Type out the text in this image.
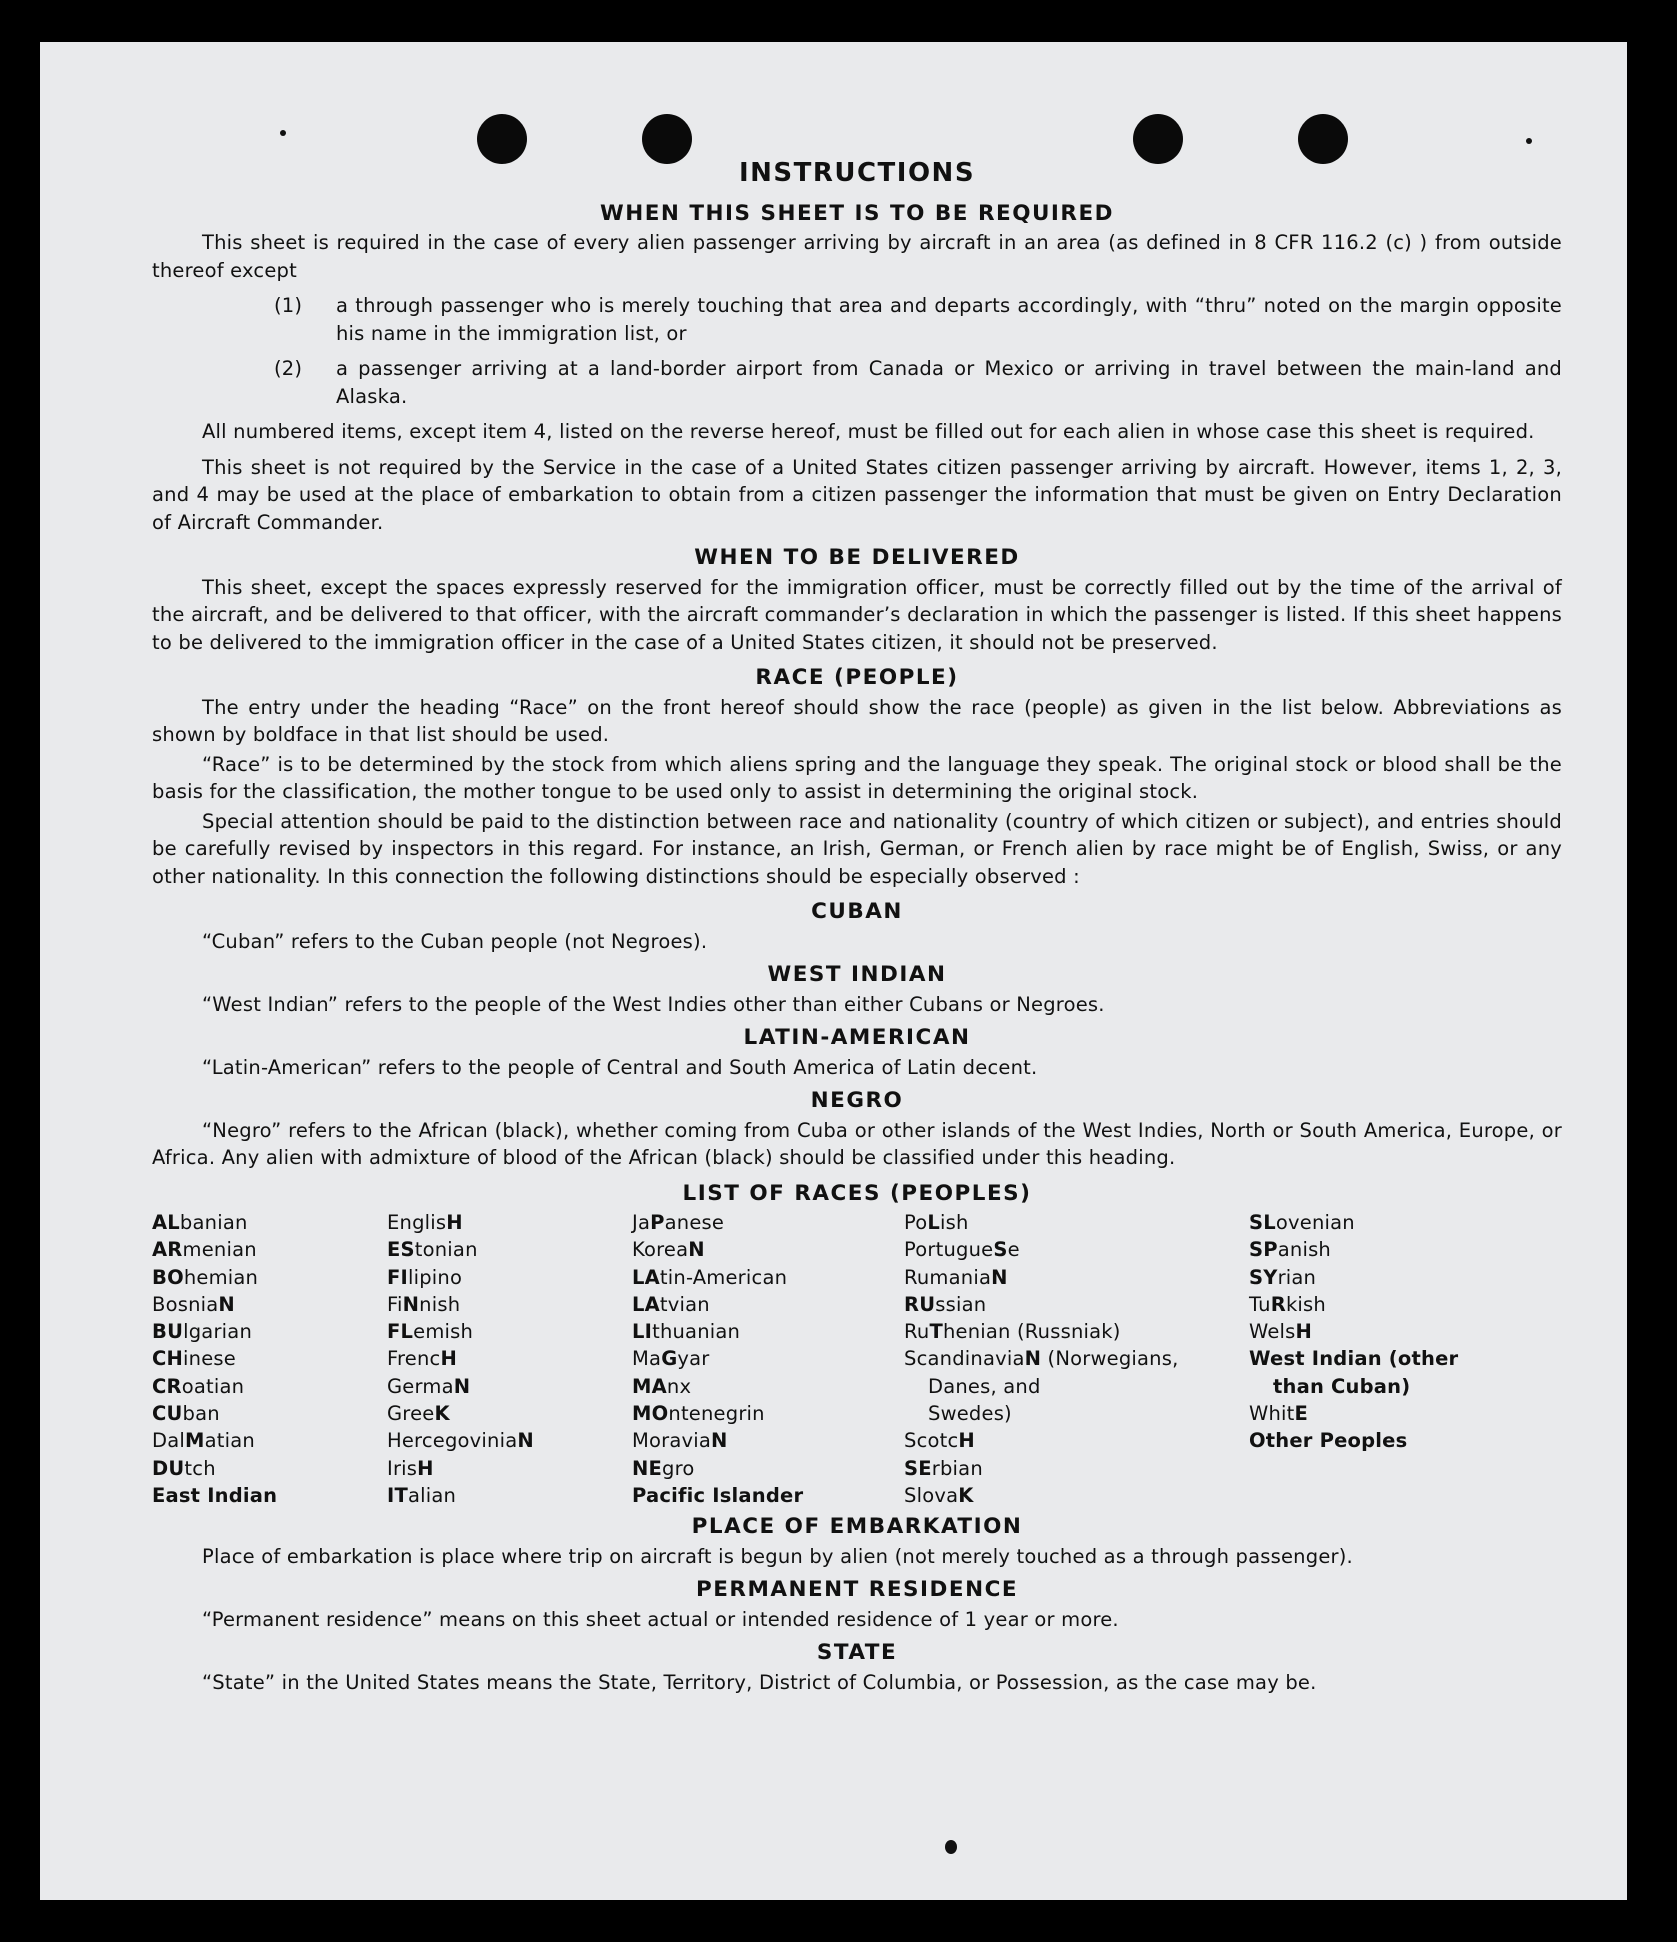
INSTRUCTIONS
WHEN THIS SHEET IS TO BE REQUIRED

This sheet is required in the case of every alien passenger arriving by aircraft in an area (as defined in 8 CFR 116.2 (c) ) from outside thereof except

(1)	a through passenger who is merely touching that area and departs accordingly, with “thru” noted on the margin opposite his name in the immigration list, or
(2)	a passenger arriving at a land-border airport from Canada or Mexico or arriving in travel between the main-land and Alaska.

All numbered items, except item 4, listed on the reverse hereof, must be filled out for each alien in whose case this sheet is required.

This sheet is not required by the Service in the case of a United States citizen passenger arriving by aircraft. However, items 1, 2, 3, and 4 may be used at the place of embarkation to obtain from a citizen passenger the information that must be given on Entry Declaration of Aircraft Commander.

WHEN TO BE DELIVERED

This sheet, except the spaces expressly reserved for the immigration officer, must be correctly filled out by the time of the arrival of the aircraft, and be delivered to that officer, with the aircraft commander’s declaration in which the passenger is listed. If this sheet happens to be delivered to the immigration officer in the case of a United States citizen, it should not be preserved.

RACE (PEOPLE)

The entry under the heading “Race” on the front hereof should show the race (people) as given in the list below. Abbreviations as shown by boldface in that list should be used.

“Race” is to be determined by the stock from which aliens spring and the language they speak. The original stock or blood shall be the basis for the classification, the mother tongue to be used only to assist in determining the original stock.

Special attention should be paid to the distinction between race and nationality (country of which citizen or subject), and entries should be carefully revised by inspectors in this regard. For instance, an Irish, German, or French alien by race might be of English, Swiss, or any other nationality. In this connection the following distinctions should be especially observed :

CUBAN
“Cuban” refers to the Cuban people (not Negroes).
WEST INDIAN
“West Indian” refers to the people of the West Indies other than either Cubans or Negroes.
LATIN-AMERICAN
“Latin-American” refers to the people of Central and South America of Latin decent.
NEGRO

“Negro” refers to the African (black), whether coming from Cuba or other islands of the West Indies, North or South America, Europe, or Africa. Any alien with admixture of blood of the African (black) should be classified under this heading.

LIST OF RACES (PEOPLES)
ALbanian
ARmenian
BOhemian
BosniaN
BUlgarian
CHinese
CRoatian
CUban
DalMatian
DUtch
East Indian
EnglisH
EStonian
FIlipino
FiNnish
FLemish
FrencH
GermaN
GreeK
HercegoviniaN
IrisH
ITalian
JaPanese
KoreaN
LAtin-American
LAtvian
LIthuanian
MaGyar
MAnx
MOntenegrin
MoraviaN
NEgro
Pacific Islander
PoLish
PortugueSe
RumaniaN
RUssian
RuThenian (Russniak)
ScandinaviaN (Norwegians,
Danes, and
Swedes)
ScotcH
SErbian
SlovaK
SLovenian
SPanish
SYrian
TuRkish
WelsH
West Indian (other
than Cuban)
WhitE
Other Peoples
PLACE OF EMBARKATION
Place of embarkation is place where trip on aircraft is begun by alien (not merely touched as a through passenger).
PERMANENT RESIDENCE
“Permanent residence” means on this sheet actual or intended residence of 1 year or more.
STATE
“State” in the United States means the State, Territory, District of Columbia, or Possession, as the case may be.
